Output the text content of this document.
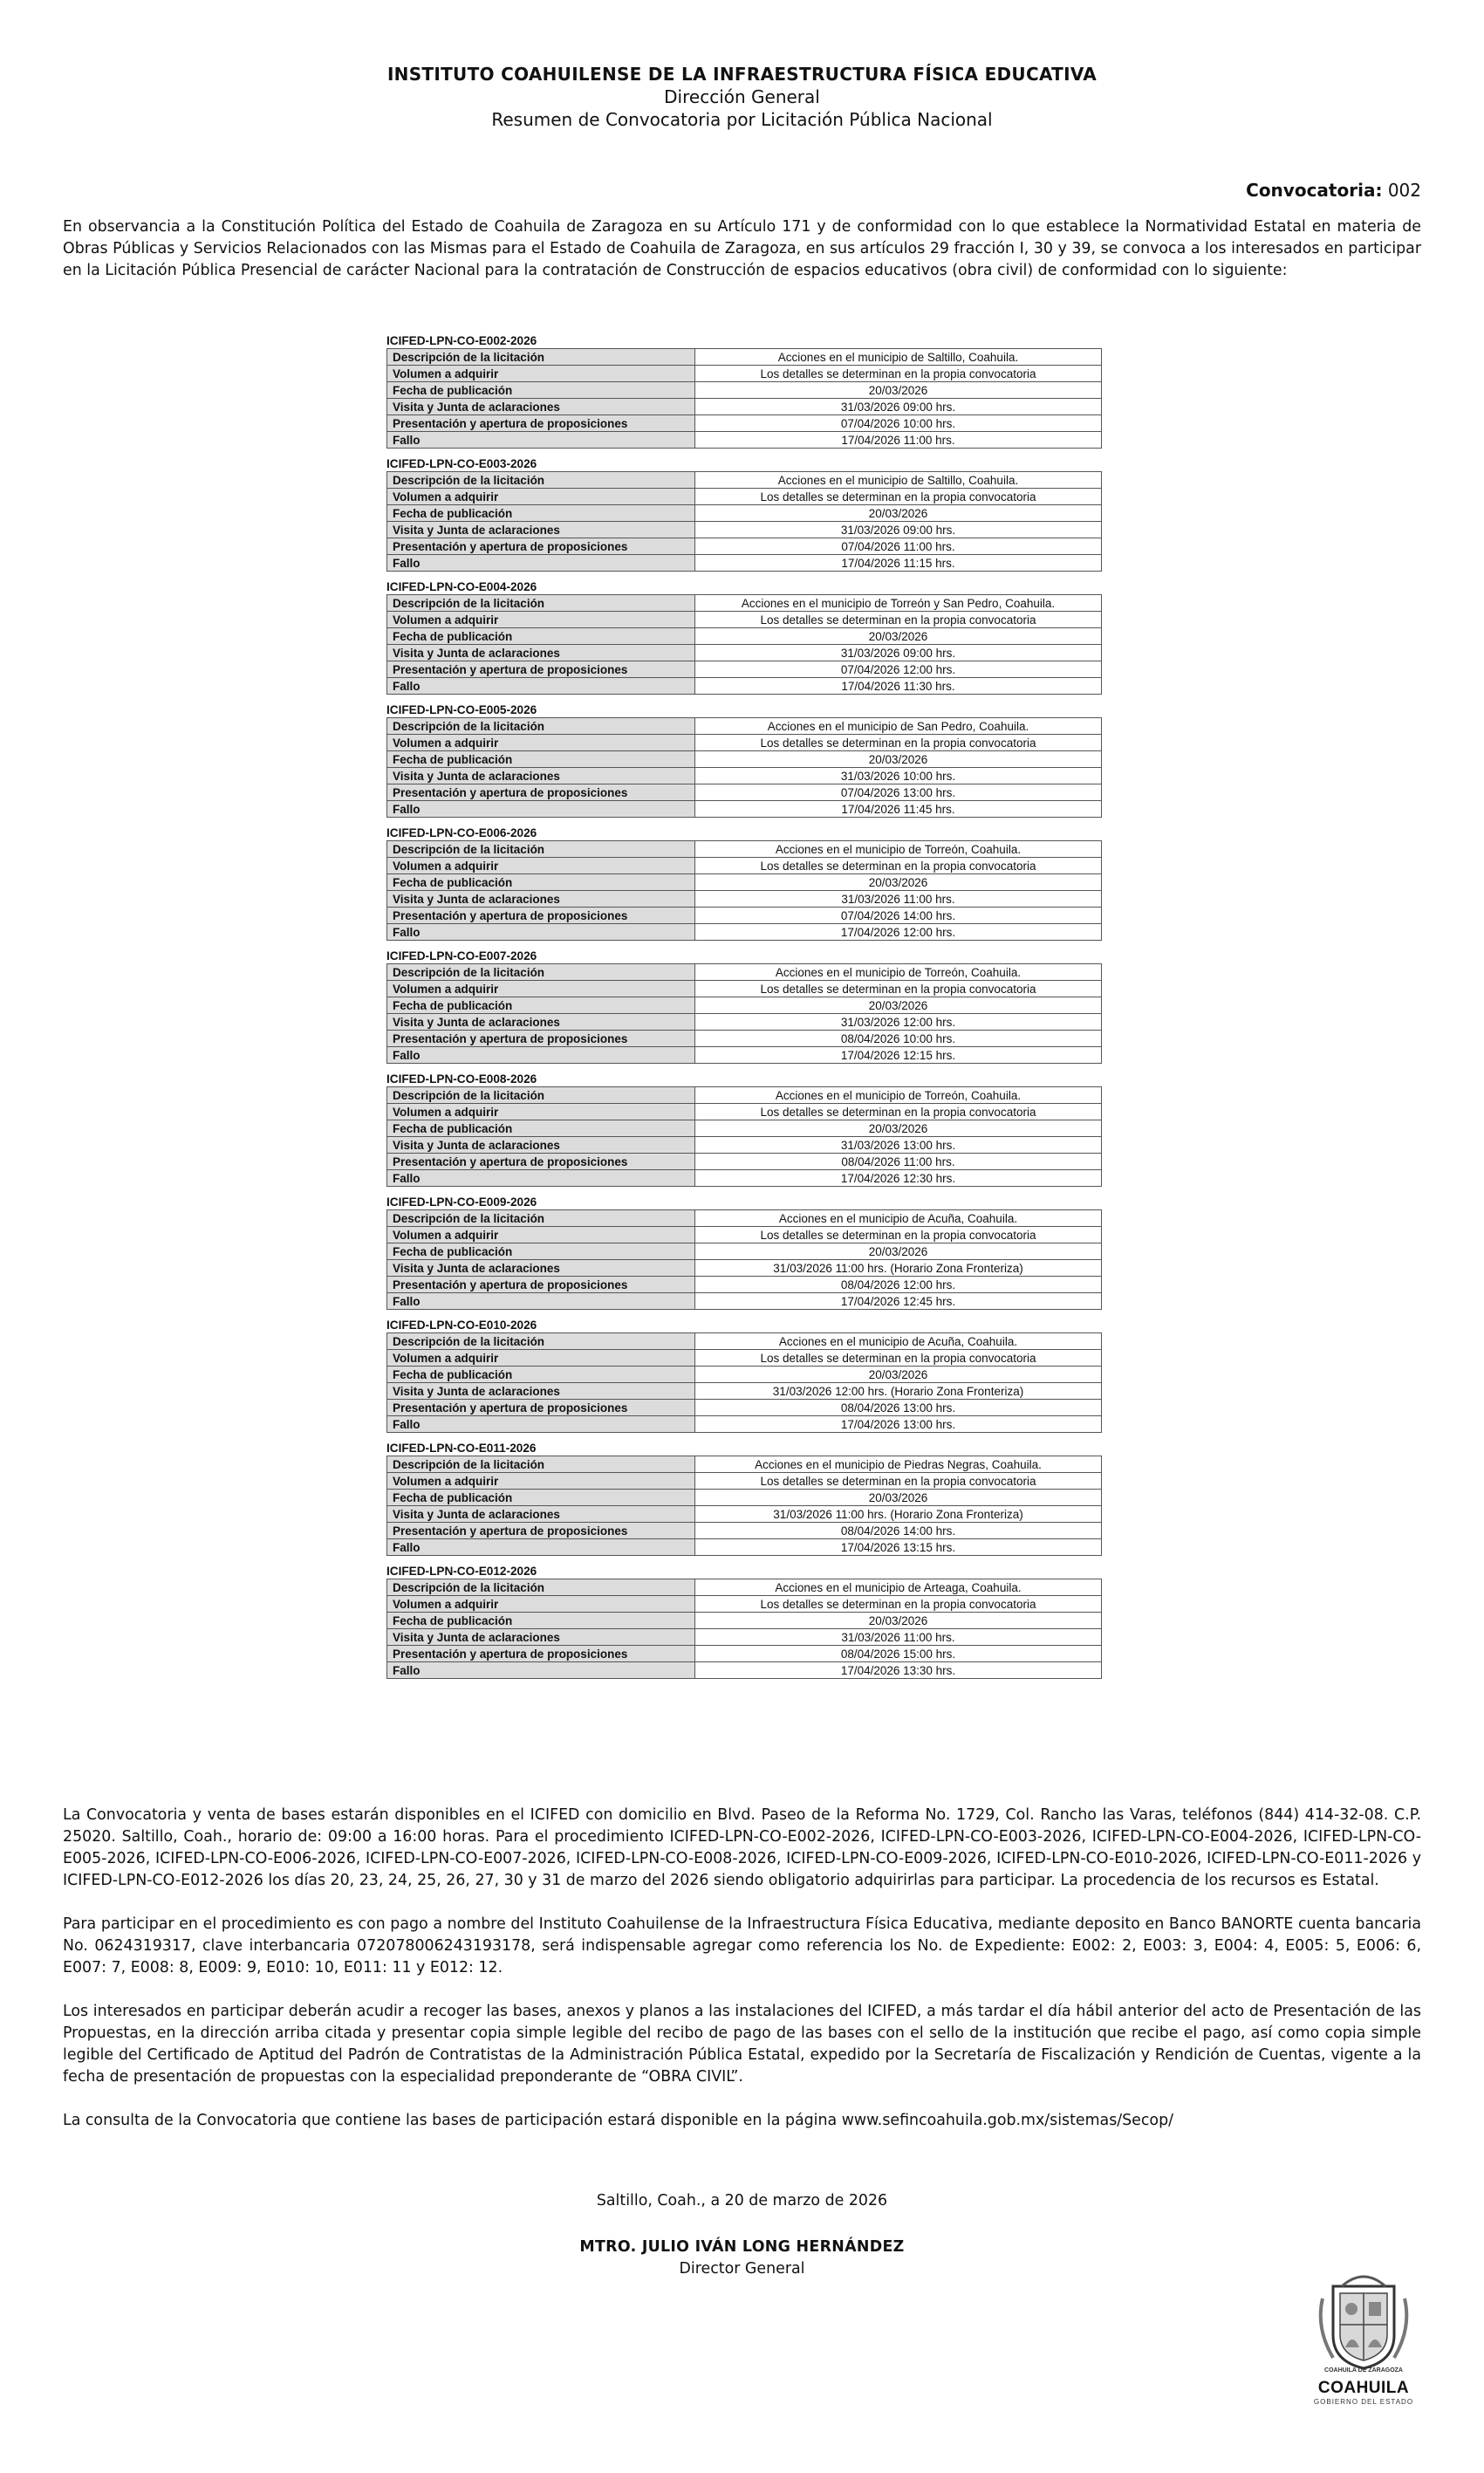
INSTITUTO COAHUILENSE DE LA INFRAESTRUCTURA FÍSICA EDUCATIVA
Dirección General
Resumen de Convocatoria por Licitación Pública Nacional
Convocatoria: 002
En observancia a la Constitución Política del Estado de Coahuila de Zaragoza en su Artículo 171 y de conformidad con lo que establece la Normatividad Estatal en materia de Obras Públicas y Servicios Relacionados con las Mismas para el Estado de Coahuila de Zaragoza, en sus artículos 29 fracción I, 30 y 39, se convoca a los interesados en participar en la Licitación Pública Presencial de carácter Nacional para la contratación de Construcción de espacios educativos (obra civil) de conformidad con lo siguiente:
ICIFED-LPN-CO-E002-2026
Descripción de la licitación	Acciones en el municipio de Saltillo, Coahuila.
Volumen a adquirir	Los detalles se determinan en la propia convocatoria
Fecha de publicación	20/03/2026
Visita y Junta de aclaraciones	31/03/2026 09:00 hrs.
Presentación y apertura de proposiciones	07/04/2026 10:00 hrs.
Fallo	17/04/2026 11:00 hrs.
ICIFED-LPN-CO-E003-2026
Descripción de la licitación	Acciones en el municipio de Saltillo, Coahuila.
Volumen a adquirir	Los detalles se determinan en la propia convocatoria
Fecha de publicación	20/03/2026
Visita y Junta de aclaraciones	31/03/2026 09:00 hrs.
Presentación y apertura de proposiciones	07/04/2026 11:00 hrs.
Fallo	17/04/2026 11:15 hrs.
ICIFED-LPN-CO-E004-2026
Descripción de la licitación	Acciones en el municipio de Torreón y San Pedro, Coahuila.
Volumen a adquirir	Los detalles se determinan en la propia convocatoria
Fecha de publicación	20/03/2026
Visita y Junta de aclaraciones	31/03/2026 09:00 hrs.
Presentación y apertura de proposiciones	07/04/2026 12:00 hrs.
Fallo	17/04/2026 11:30 hrs.
ICIFED-LPN-CO-E005-2026
Descripción de la licitación	Acciones en el municipio de San Pedro, Coahuila.
Volumen a adquirir	Los detalles se determinan en la propia convocatoria
Fecha de publicación	20/03/2026
Visita y Junta de aclaraciones	31/03/2026 10:00 hrs.
Presentación y apertura de proposiciones	07/04/2026 13:00 hrs.
Fallo	17/04/2026 11:45 hrs.
ICIFED-LPN-CO-E006-2026
Descripción de la licitación	Acciones en el municipio de Torreón, Coahuila.
Volumen a adquirir	Los detalles se determinan en la propia convocatoria
Fecha de publicación	20/03/2026
Visita y Junta de aclaraciones	31/03/2026 11:00 hrs.
Presentación y apertura de proposiciones	07/04/2026 14:00 hrs.
Fallo	17/04/2026 12:00 hrs.
ICIFED-LPN-CO-E007-2026
Descripción de la licitación	Acciones en el municipio de Torreón, Coahuila.
Volumen a adquirir	Los detalles se determinan en la propia convocatoria
Fecha de publicación	20/03/2026
Visita y Junta de aclaraciones	31/03/2026 12:00 hrs.
Presentación y apertura de proposiciones	08/04/2026 10:00 hrs.
Fallo	17/04/2026 12:15 hrs.
ICIFED-LPN-CO-E008-2026
Descripción de la licitación	Acciones en el municipio de Torreón, Coahuila.
Volumen a adquirir	Los detalles se determinan en la propia convocatoria
Fecha de publicación	20/03/2026
Visita y Junta de aclaraciones	31/03/2026 13:00 hrs.
Presentación y apertura de proposiciones	08/04/2026 11:00 hrs.
Fallo	17/04/2026 12:30 hrs.
ICIFED-LPN-CO-E009-2026
Descripción de la licitación	Acciones en el municipio de Acuña, Coahuila.
Volumen a adquirir	Los detalles se determinan en la propia convocatoria
Fecha de publicación	20/03/2026
Visita y Junta de aclaraciones	31/03/2026 11:00 hrs. (Horario Zona Fronteriza)
Presentación y apertura de proposiciones	08/04/2026 12:00 hrs.
Fallo	17/04/2026 12:45 hrs.
ICIFED-LPN-CO-E010-2026
Descripción de la licitación	Acciones en el municipio de Acuña, Coahuila.
Volumen a adquirir	Los detalles se determinan en la propia convocatoria
Fecha de publicación	20/03/2026
Visita y Junta de aclaraciones	31/03/2026 12:00 hrs. (Horario Zona Fronteriza)
Presentación y apertura de proposiciones	08/04/2026 13:00 hrs.
Fallo	17/04/2026 13:00 hrs.
ICIFED-LPN-CO-E011-2026
Descripción de la licitación	Acciones en el municipio de Piedras Negras, Coahuila.
Volumen a adquirir	Los detalles se determinan en la propia convocatoria
Fecha de publicación	20/03/2026
Visita y Junta de aclaraciones	31/03/2026 11:00 hrs. (Horario Zona Fronteriza)
Presentación y apertura de proposiciones	08/04/2026 14:00 hrs.
Fallo	17/04/2026 13:15 hrs.
ICIFED-LPN-CO-E012-2026
Descripción de la licitación	Acciones en el municipio de Arteaga, Coahuila.
Volumen a adquirir	Los detalles se determinan en la propia convocatoria
Fecha de publicación	20/03/2026
Visita y Junta de aclaraciones	31/03/2026 11:00 hrs.
Presentación y apertura de proposiciones	08/04/2026 15:00 hrs.
Fallo	17/04/2026 13:30 hrs.

La Convocatoria y venta de bases estarán disponibles en el ICIFED con domicilio en Blvd. Paseo de la Reforma No. 1729, Col. Rancho las Varas, teléfonos (844) 414-32-08. C.P. 25020. Saltillo, Coah., horario de: 09:00 a 16:00 horas. Para el procedimiento ICIFED-LPN-CO-E002-2026, ICIFED-LPN-CO-E003-2026, ICIFED-LPN-CO-E004-2026, ICIFED-LPN-CO-E005-2026, ICIFED-LPN-CO-E006-2026, ICIFED-LPN-CO-E007-2026, ICIFED-LPN-CO-E008-2026, ICIFED-LPN-CO-E009-2026, ICIFED-LPN-CO-E010-2026, ICIFED-LPN-CO-E011-2026 y ICIFED-LPN-CO-E012-2026 los días 20, 23, 24, 25, 26, 27, 30 y 31 de marzo del 2026 siendo obligatorio adquirirlas para participar. La procedencia de los recursos es Estatal.

Para participar en el procedimiento es con pago a nombre del Instituto Coahuilense de la Infraestructura Física Educativa, mediante deposito en Banco BANORTE cuenta bancaria No. 0624319317, clave interbancaria 072078006243193178, será indispensable agregar como referencia los No. de Expediente: E002: 2, E003: 3, E004: 4, E005: 5, E006: 6, E007: 7, E008: 8, E009: 9, E010: 10, E011: 11 y E012: 12.

Los interesados en participar deberán acudir a recoger las bases, anexos y planos a las instalaciones del ICIFED, a más tardar el día hábil anterior del acto de Presentación de las Propuestas, en la dirección arriba citada y presentar copia simple legible del recibo de pago de las bases con el sello de la institución que recibe el pago, así como copia simple legible del Certificado de Aptitud del Padrón de Contratistas de la Administración Pública Estatal, expedido por la Secretaría de Fiscalización y Rendición de Cuentas, vigente a la fecha de presentación de propuestas con la especialidad preponderante de “OBRA CIVIL”.

La consulta de la Convocatoria que contiene las bases de participación estará disponible en la página www.sefincoahuila.gob.mx/sistemas/Secop/

Saltillo, Coah., a 20 de marzo de 2026
MTRO. JULIO IVÁN LONG HERNÁNDEZ
Director General
COAHUILA DE ZARAGOZA
COAHUILA
GOBIERNO DEL ESTADO
